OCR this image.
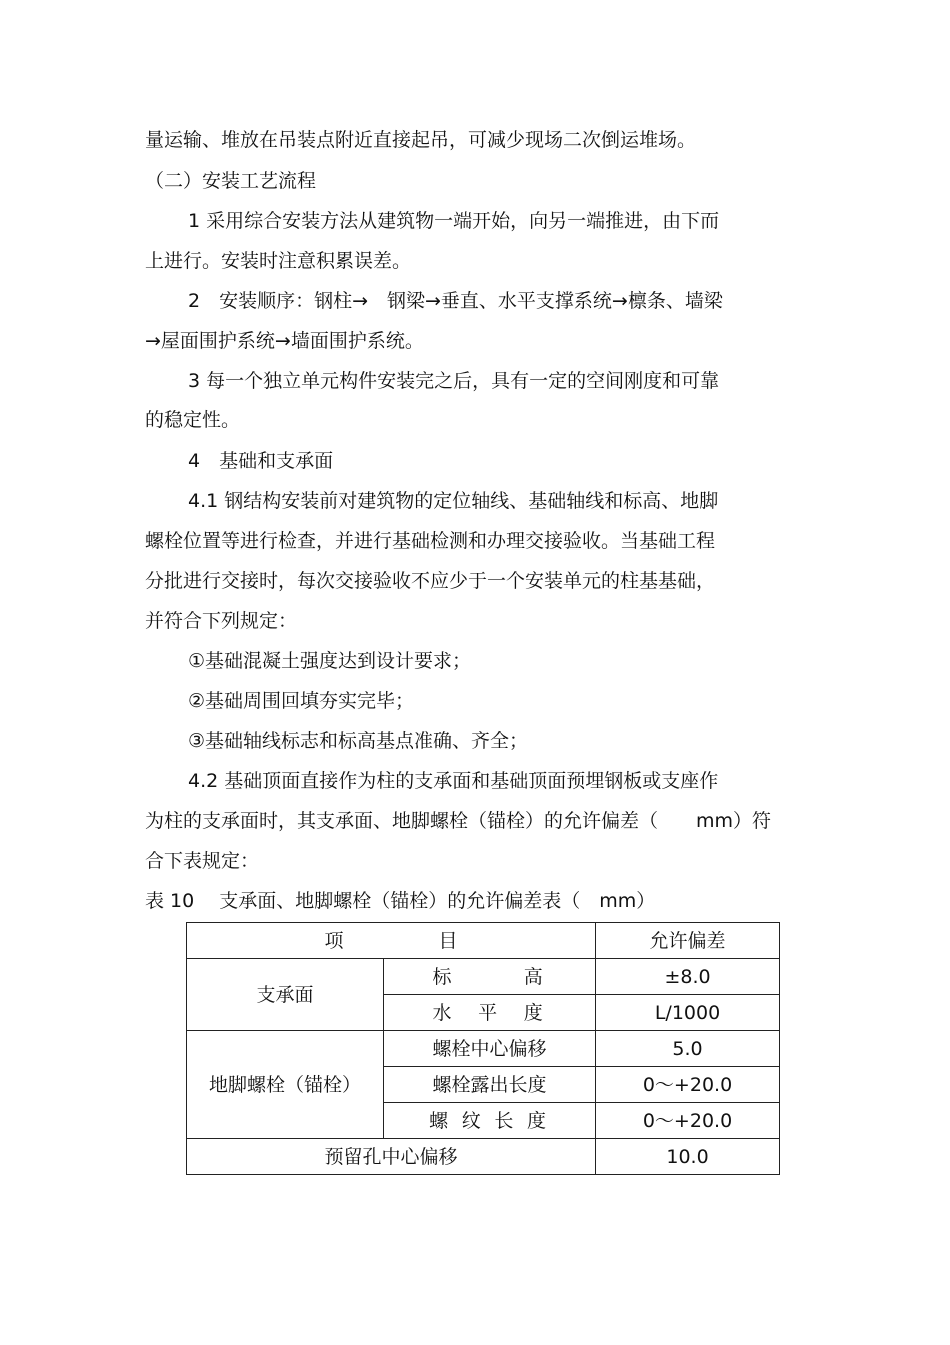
量运输、堆放在吊装点附近直接起吊，可减少现场二次倒运堆场。
（二）安装工艺流程
1 采用综合安装方法从建筑物一端开始，向另一端推进，由下而
上进行。安装时注意积累误差。
2　安装顺序：钢柱→　钢梁→垂直、水平支撑系统→檩条、墙梁
→屋面围护系统→墙面围护系统。
3 每一个独立单元构件安装完之后，具有一定的空间刚度和可靠
的稳定性。
4　基础和支承面
4.1 钢结构安装前对建筑物的定位轴线、基础轴线和标高、地脚
螺栓位置等进行检查，并进行基础检测和办理交接验收。当基础工程
分批进行交接时，每次交接验收不应少于一个安装单元的柱基基础，
并符合下列规定：
①基础混凝土强度达到设计要求；
②基础周围回填夯实完毕；
③基础轴线标志和标高基点准确、齐全；
4.2 基础顶面直接作为柱的支承面和基础顶面预埋钢板或支座作
为柱的支承面时，其支承面、地脚螺栓（锚栓）的允许偏差（　　mm）符
合下表规定：
表 10　 支承面、地脚螺栓（锚栓）的允许偏差表（　mm）
项　　　　　目		允许偏差
支承面	标　　　高	±8.0
	水　平　度	L/1000
地脚螺栓（锚栓）	螺栓中心偏移	5.0
	螺栓露出长度	0～+20.0
	螺 纹 长 度	0～+20.0
预留孔中心偏移		10.0
